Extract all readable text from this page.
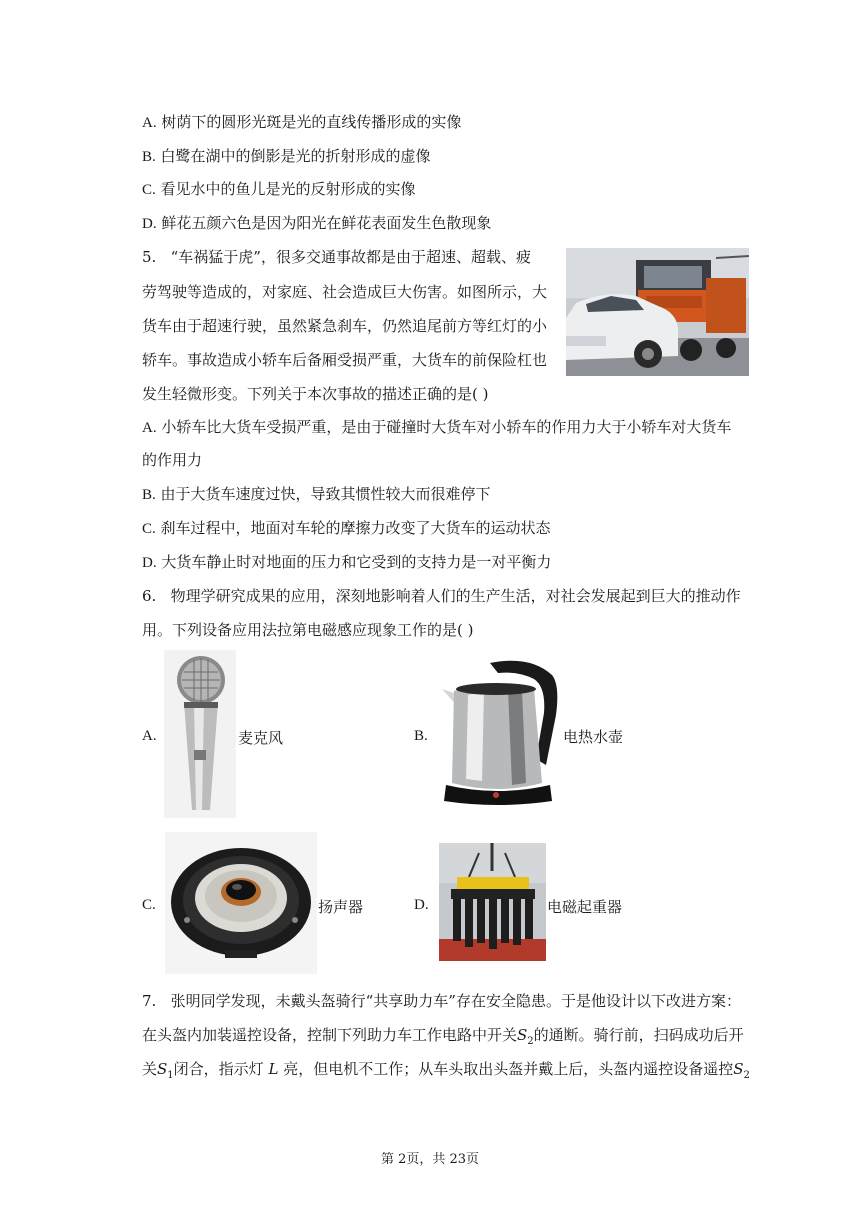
A. 树荫下的圆形光斑是光的直线传播形成的实像
B. 白鹭在湖中的倒影是光的折射形成的虚像
C. 看见水中的鱼儿是光的反射形成的实像
D. 鲜花五颜六色是因为阳光在鲜花表面发生色散现象
5. “车祸猛于虎”，很多交通事故都是由于超速、超载、疲
劳驾驶等造成的，对家庭、社会造成巨大伤害。如图所示，大
货车由于超速行驶，虽然紧急刹车，仍然追尾前方等红灯的小
轿车。事故造成小轿车后备厢受损严重，大货车的前保险杠也
发生轻微形变。下列关于本次事故的描述正确的是( )
A. 小轿车比大货车受损严重，是由于碰撞时大货车对小轿车的作用力大于小轿车对大货车
的作用力
B. 由于大货车速度过快，导致其惯性较大而很难停下
C. 刹车过程中，地面对车轮的摩擦力改变了大货车的运动状态
D. 大货车静止时对地面的压力和它受到的支持力是一对平衡力
6. 物理学研究成果的应用，深刻地影响着人们的生产生活，对社会发展起到巨大的推动作
用。下列设备应用法拉第电磁感应现象工作的是( )
A.	麦克风	B.	电热水壶
C.	扬声器	D.	电磁起重器
7. 张明同学发现，未戴头盔骑行“共享助力车”存在安全隐患。于是他设计以下改进方案：
在头盔内加装遥控设备，控制下列助力车工作电路中开关$S_2$的通断。骑行前，扫码成功后开
关$S_1$闭合，指示灯 L 亮，但电机不工作；从车头取出头盔并戴上后，头盔内遥控设备遥控$S_2$
第 2页，共 23页
